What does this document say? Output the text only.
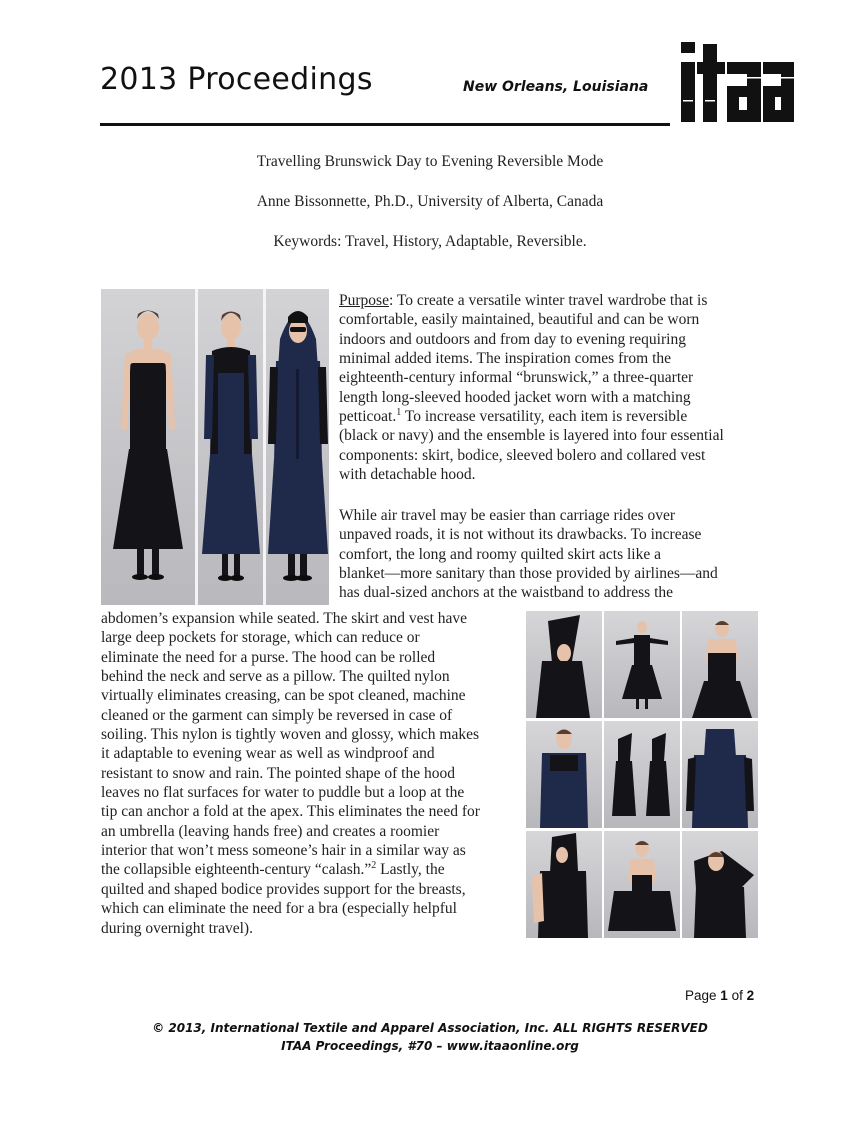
2013 Proceedings	New Orleans, Louisiana
Travelling Brunswick Day to Evening Reversible Mode
Anne Bissonnette, Ph.D., University of Alberta, Canada
Keywords: Travel, History, Adaptable, Reversible.
Purpose: To create a versatile winter travel wardrobe that is
comfortable, easily maintained, beautiful and can be worn
indoors and outdoors and from day to evening requiring
minimal added items. The inspiration comes from the
eighteenth-century informal “brunswick,” a three-quarter
length long-sleeved hooded jacket worn with a matching
petticoat.$^1$ To increase versatility, each item is reversible
(black or navy) and the ensemble is layered into four essential
components: skirt, bodice, sleeved bolero and collared vest
with detachable hood.
While air travel may be easier than carriage rides over
unpaved roads, it is not without its drawbacks. To increase
comfort, the long and roomy quilted skirt acts like a
blanket—more sanitary than those provided by airlines—and
has dual-sized anchors at the waistband to address the
abdomen’s expansion while seated. The skirt and vest have
large deep pockets for storage, which can reduce or
eliminate the need for a purse. The hood can be rolled
behind the neck and serve as a pillow. The quilted nylon
virtually eliminates creasing, can be spot cleaned, machine
cleaned or the garment can simply be reversed in case of
soiling. This nylon is tightly woven and glossy, which makes
it adaptable to evening wear as well as windproof and
resistant to snow and rain. The pointed shape of the hood
leaves no flat surfaces for water to puddle but a loop at the
tip can anchor a fold at the apex. This eliminates the need for
an umbrella (leaving hands free) and creates a roomier
interior that won’t mess someone’s hair in a similar way as
the collapsible eighteenth-century “calash.”$^2$ Lastly, the
quilted and shaped bodice provides support for the breasts,
which can eliminate the need for a bra (especially helpful
during overnight travel).
Page 1 of 2
© 2013, International Textile and Apparel Association, Inc. ALL RIGHTS RESERVED
ITAA Proceedings, #70 – www.itaaonline.org
